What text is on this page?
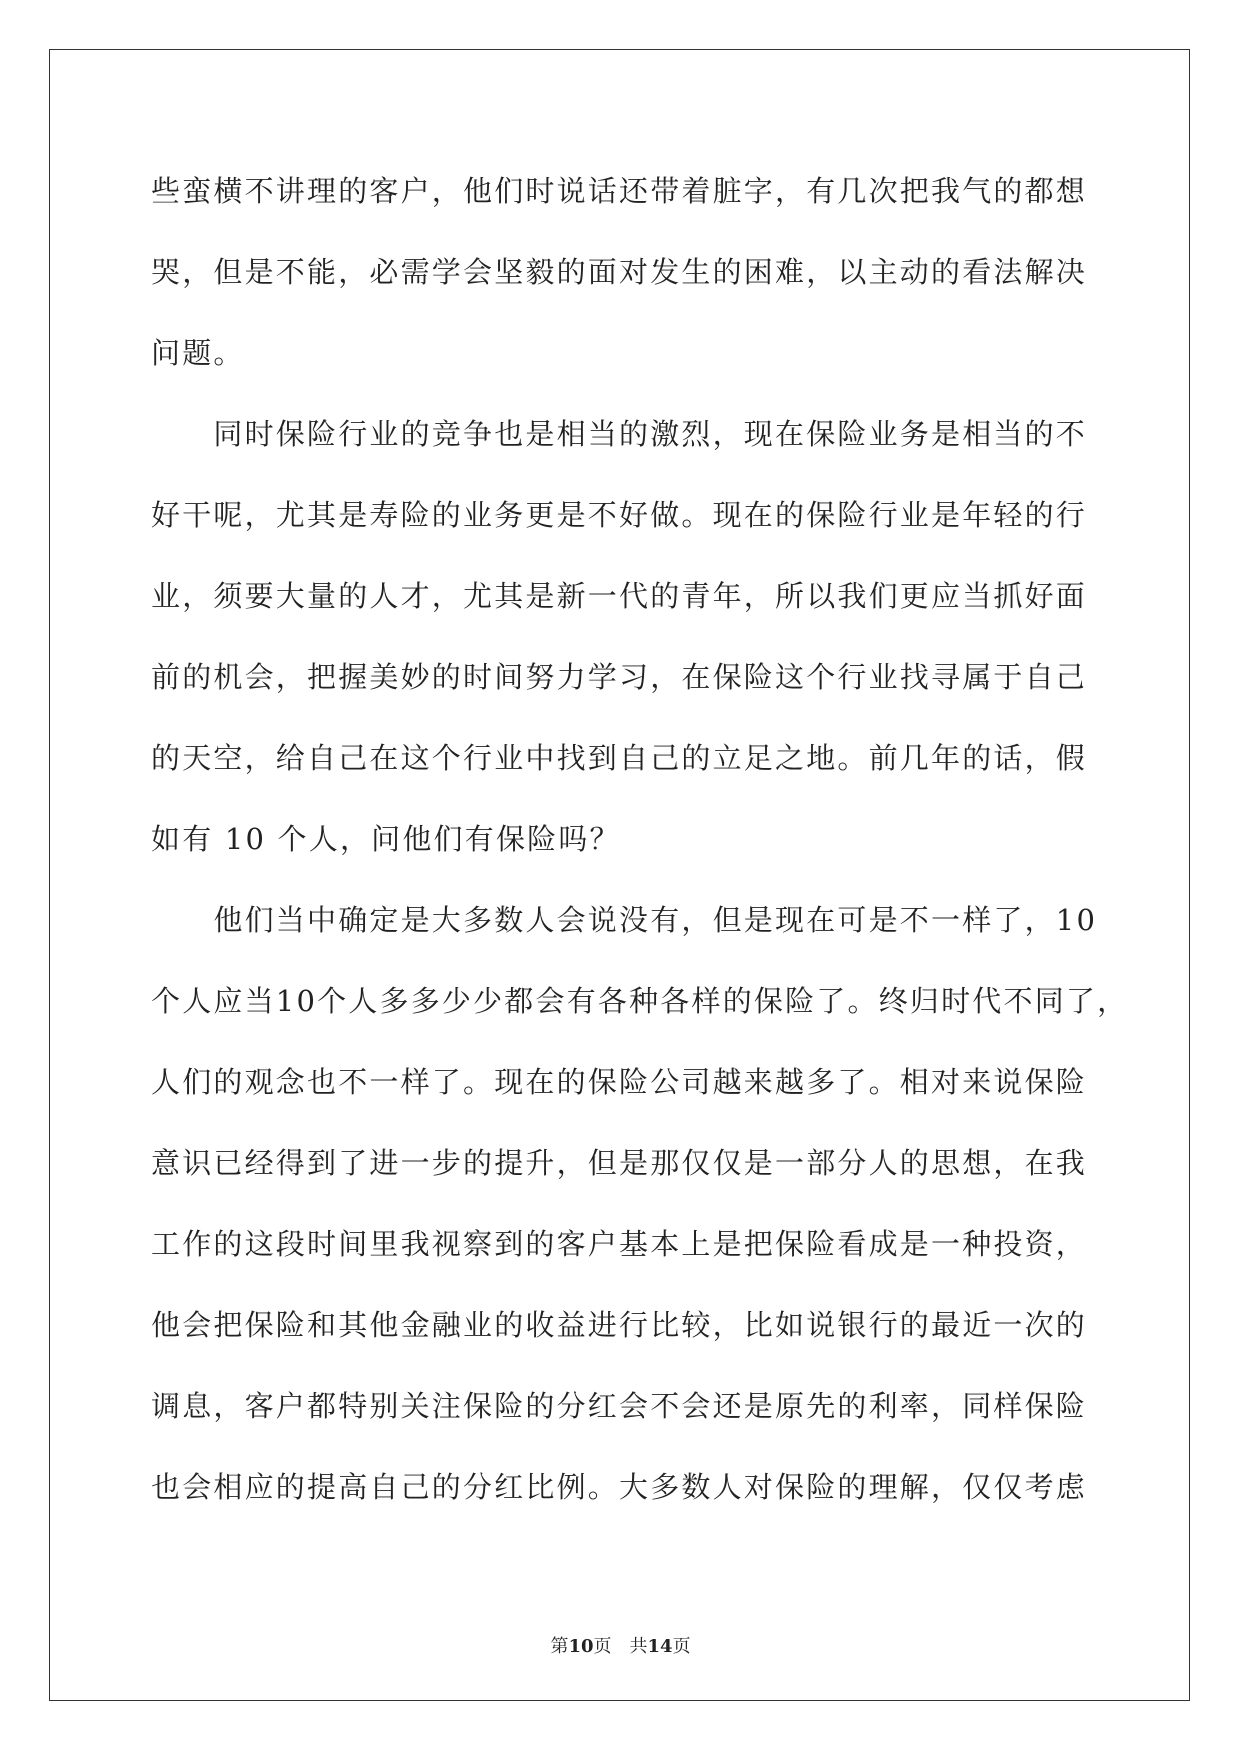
些蛮横不讲理的客户，他们时说话还带着脏字，有几次把我气的都想
哭，但是不能，必需学会坚毅的面对发生的困难，以主动的看法解决
问题。
　　同时保险行业的竞争也是相当的激烈，现在保险业务是相当的不
好干呢，尤其是寿险的业务更是不好做。现在的保险行业是年轻的行
业，须要大量的人才，尤其是新一代的青年，所以我们更应当抓好面
前的机会，把握美妙的时间努力学习，在保险这个行业找寻属于自己
的天空，给自己在这个行业中找到自己的立足之地。前几年的话，假
如有 10 个人，问他们有保险吗？
　　他们当中确定是大多数人会说没有，但是现在可是不一样了，10
个人应当10个人多多少少都会有各种各样的保险了。终归时代不同了，
人们的观念也不一样了。现在的保险公司越来越多了。相对来说保险
意识已经得到了进一步的提升，但是那仅仅是一部分人的思想，在我
工作的这段时间里我视察到的客户基本上是把保险看成是一种投资，
他会把保险和其他金融业的收益进行比较，比如说银行的最近一次的
调息，客户都特别关注保险的分红会不会还是原先的利率，同样保险
也会相应的提高自己的分红比例。大多数人对保险的理解，仅仅考虑
第10页　共14页
